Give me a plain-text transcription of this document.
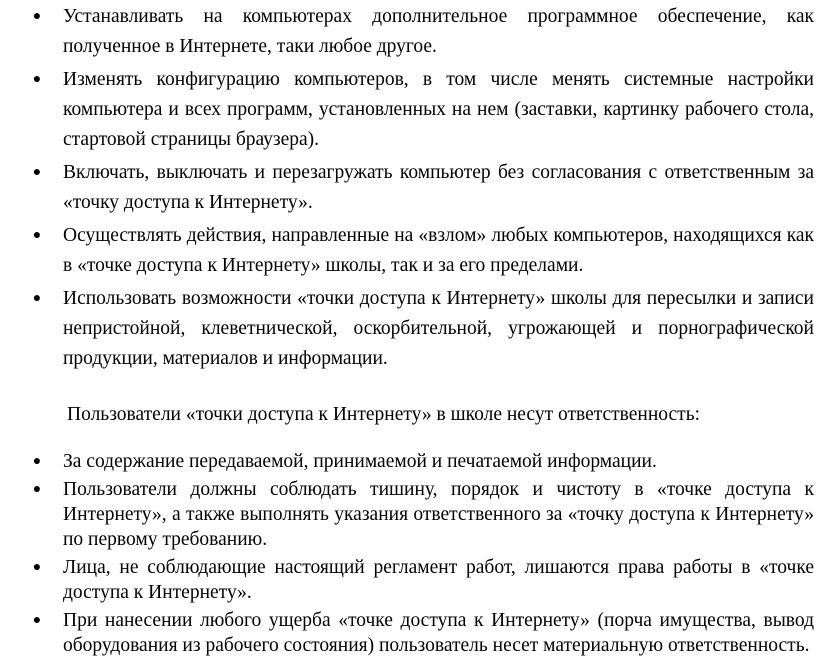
● Устанавливать на компьютерах дополнительное программное обеспечение, как полученное в Интернете, таки любое другое.
● Изменять конфигурацию компьютеров, в том числе менять системные настройки компьютера и всех программ, установленных на нем (заставки, картинку рабочего стола, стартовой страницы браузера).
● Включать, выключать и перезагружать компьютер без согласования с ответственным за «точку доступа к Интернету».
● Осуществлять действия, направленные на «взлом» любых компьютеров, находящихся как в «точке доступа к Интернету» школы, так и за его пределами.
● Использовать возможности «точки доступа к Интернету» школы для пересылки и записи непристойной, клеветнической, оскорбительной, угрожающей и порнографической продукции, материалов и информации.
Пользователи «точки доступа к Интернету» в школе несут ответственность:
● За содержание передаваемой, принимаемой и печатаемой информации.
● Пользователи должны соблюдать тишину, порядок и чистоту в «точке доступа к Интернету», а также выполнять указания ответственного за «точку доступа к Интернету» по первому требованию.
● Лица, не соблюдающие настоящий регламент работ, лишаются права работы в «точке доступа к Интернету».
● При нанесении любого ущерба «точке доступа к Интернету» (порча имущества, вывод оборудования из рабочего состояния) пользователь несет материальную ответственность.
